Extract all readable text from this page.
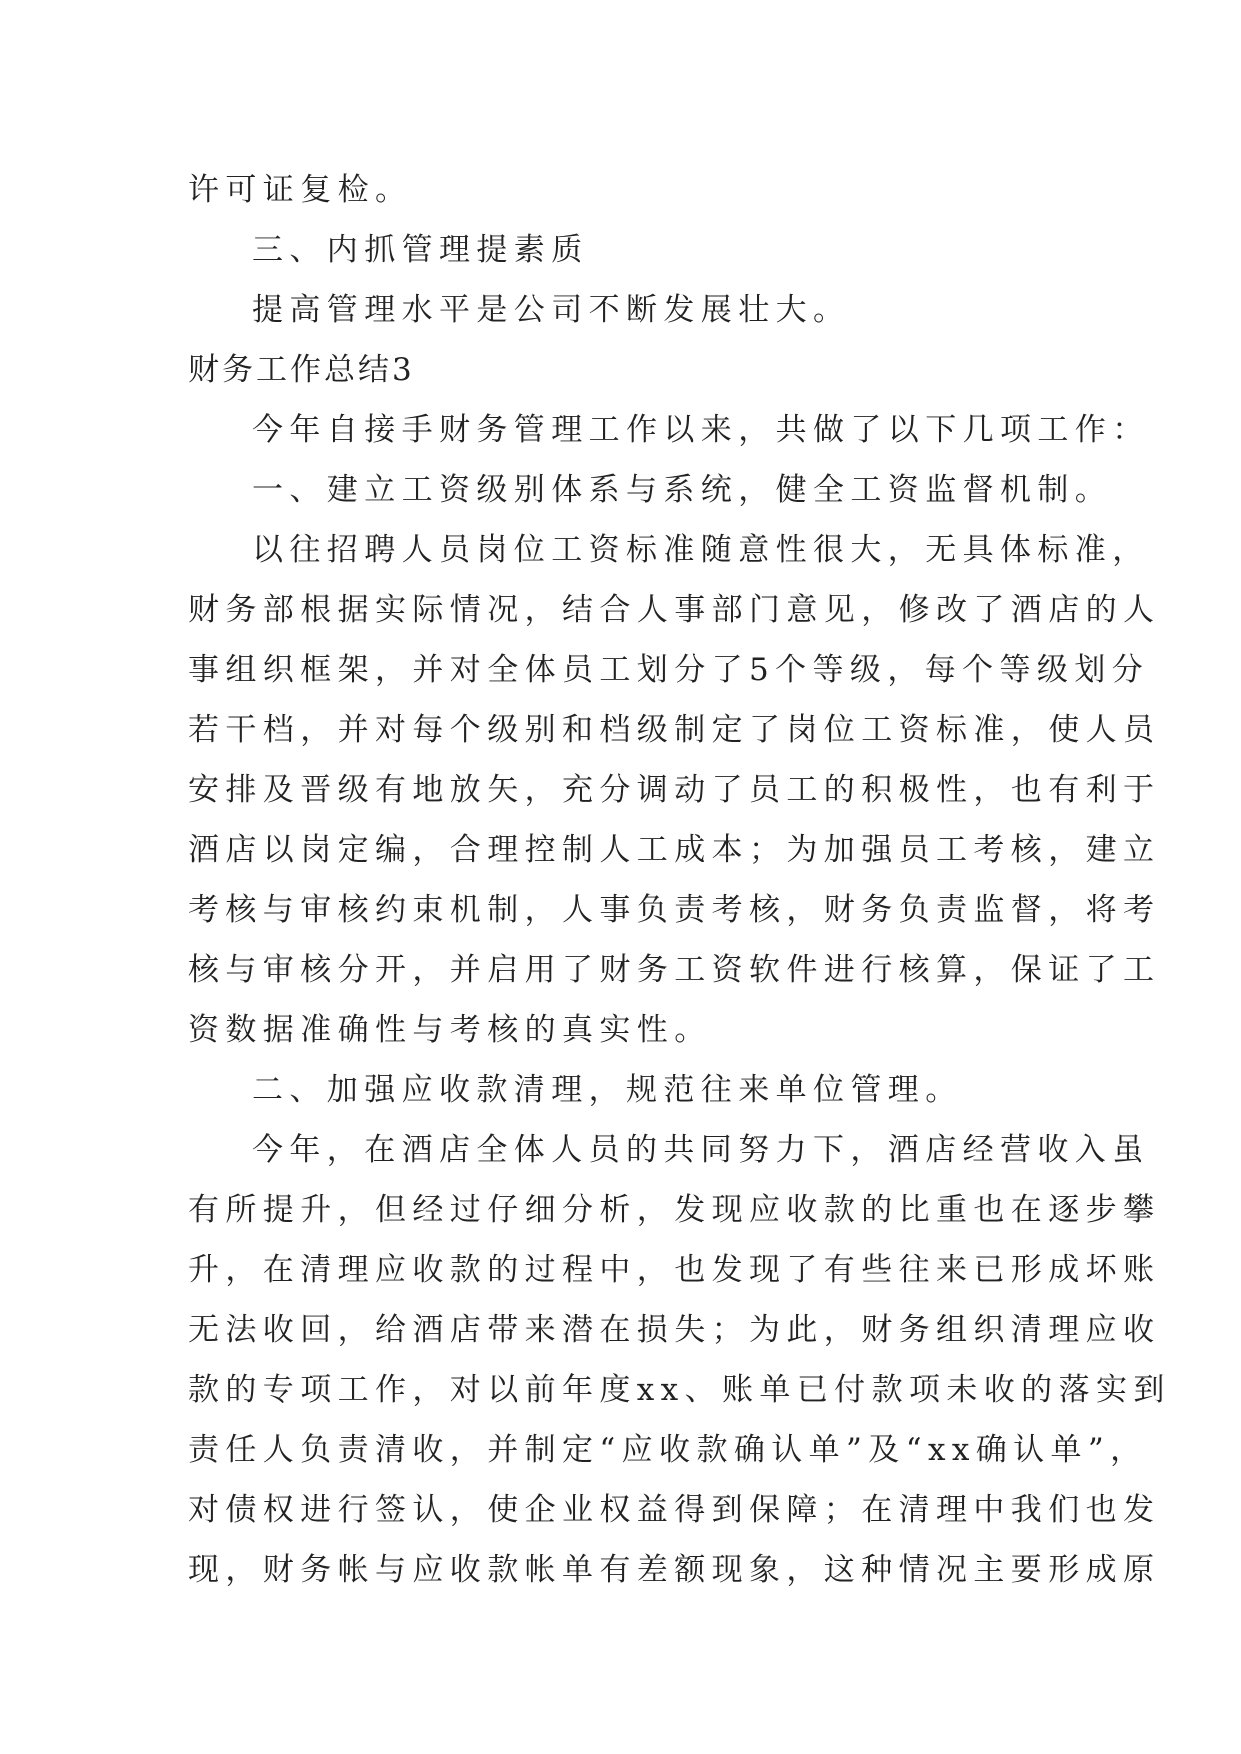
许可证复检。
三、内抓管理提素质
提高管理水平是公司不断发展壮大。
财务工作总结3
今年自接手财务管理工作以来，共做了以下几项工作：
一、建立工资级别体系与系统，健全工资监督机制。
以往招聘人员岗位工资标准随意性很大，无具体标准，
财务部根据实际情况，结合人事部门意见，修改了酒店的人
事组织框架，并对全体员工划分了5个等级，每个等级划分
若干档，并对每个级别和档级制定了岗位工资标准，使人员
安排及晋级有地放矢，充分调动了员工的积极性，也有利于
酒店以岗定编，合理控制人工成本；为加强员工考核，建立
考核与审核约束机制，人事负责考核，财务负责监督，将考
核与审核分开，并启用了财务工资软件进行核算，保证了工
资数据准确性与考核的真实性。
二、加强应收款清理，规范往来单位管理。
今年，在酒店全体人员的共同努力下，酒店经营收入虽
有所提升，但经过仔细分析，发现应收款的比重也在逐步攀
升，在清理应收款的过程中，也发现了有些往来已形成坏账
无法收回，给酒店带来潜在损失；为此，财务组织清理应收
款的专项工作，对以前年度xx、账单已付款项未收的落实到
责任人负责清收，并制定“应收款确认单”及“xx确认单”，
对债权进行签认，使企业权益得到保障；在清理中我们也发
现，财务帐与应收款帐单有差额现象，这种情况主要形成原
